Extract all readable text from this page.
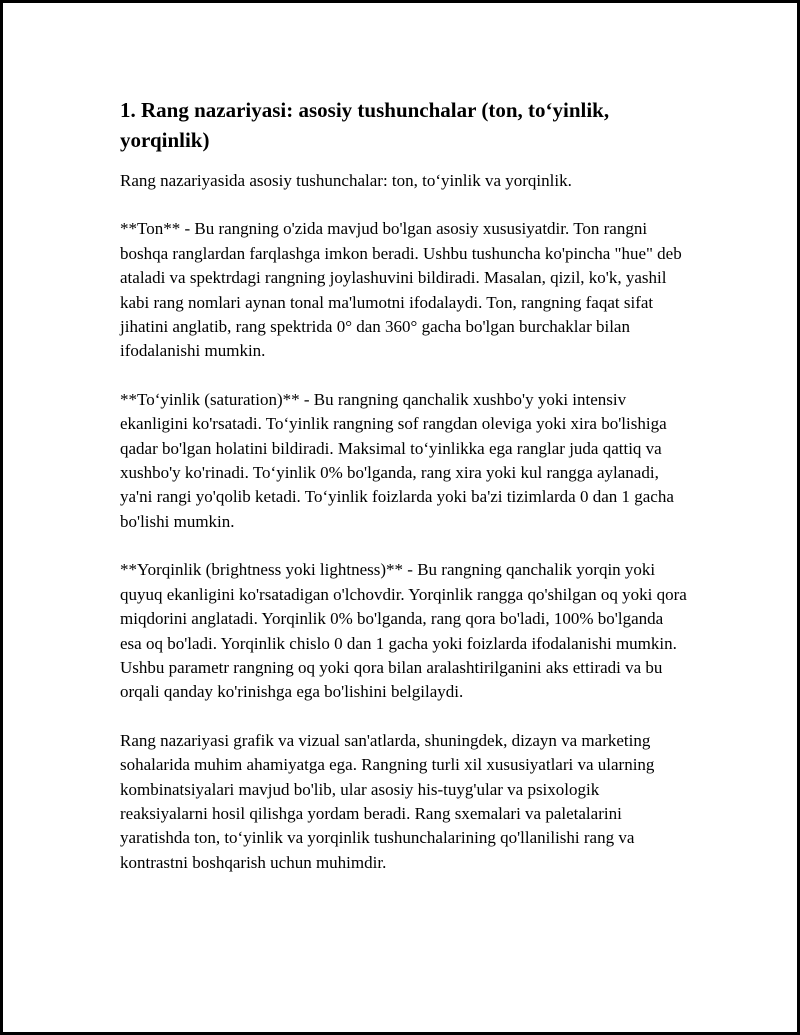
1. Rang nazariyasi: asosiy tushunchalar (ton, to‘yinlik, yorqinlik)

Rang nazariyasida asosiy tushunchalar: ton, to‘yinlik va yorqinlik.

**Ton** - Bu rangning o'zida mavjud bo'lgan asosiy xususiyatdir. Ton rangni boshqa ranglardan farqlashga imkon beradi. Ushbu tushuncha ko'pincha "hue" deb ataladi va spektrdagi rangning joylashuvini bildiradi. Masalan, qizil, ko'k, yashil kabi rang nomlari aynan tonal ma'lumotni ifodalaydi. Ton, rangning faqat sifat jihatini anglatib, rang spektrida 0° dan 360° gacha bo'lgan burchaklar bilan ifodalanishi mumkin.

**To‘yinlik (saturation)** - Bu rangning qanchalik xushbo'y yoki intensiv ekanligini ko'rsatadi. To‘yinlik rangning sof rangdan oleviga yoki xira bo'lishiga qadar bo'lgan holatini bildiradi. Maksimal to‘yinlikka ega ranglar juda qattiq va xushbo'y ko'rinadi. To‘yinlik 0% bo'lganda, rang xira yoki kul rangga aylanadi, ya'ni rangi yo'qolib ketadi. To‘yinlik foizlarda yoki ba'zi tizimlarda 0 dan 1 gacha bo'lishi mumkin.

**Yorqinlik (brightness yoki lightness)** - Bu rangning qanchalik yorqin yoki quyuq ekanligini ko'rsatadigan o'lchovdir. Yorqinlik rangga qo'shilgan oq yoki qora miqdorini anglatadi. Yorqinlik 0% bo'lganda, rang qora bo'ladi, 100% bo'lganda esa oq bo'ladi. Yorqinlik chislo 0 dan 1 gacha yoki foizlarda ifodalanishi mumkin. Ushbu parametr rangning oq yoki qora bilan aralashtirilganini aks ettiradi va bu orqali qanday ko'rinishga ega bo'lishini belgilaydi.

Rang nazariyasi grafik va vizual san'atlarda, shuningdek, dizayn va marketing sohalarida muhim ahamiyatga ega. Rangning turli xil xususiyatlari va ularning kombinatsiyalari mavjud bo'lib, ular asosiy his-tuyg'ular va psixologik reaksiyalarni hosil qilishga yordam beradi. Rang sxemalari va paletalarini yaratishda ton, to‘yinlik va yorqinlik tushunchalarining qo'llanilishi rang va kontrastni boshqarish uchun muhimdir.
